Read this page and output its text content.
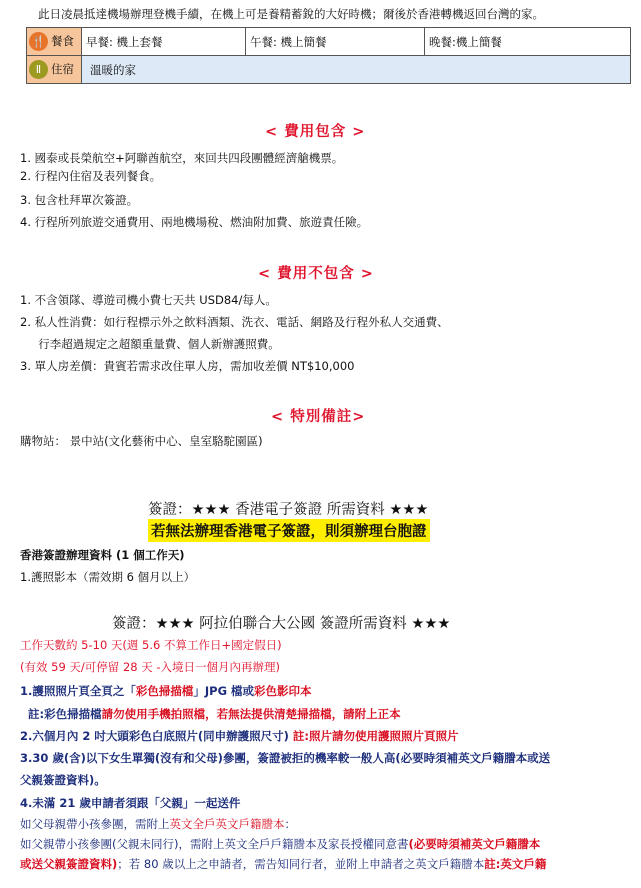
此日凌晨抵達機場辦理登機手續，在機上可是養精蓄銳的大好時機；爾後於香港轉機返回台灣的家。
🍴 餐食	早餐: 機上套餐	午餐: 機上簡餐	晚餐:機上簡餐

Ⅱ 住宿	溫暖的家		
< 費用包含 >
1. 國泰或長榮航空+阿聯酋航空，來回共四段團體經濟艙機票。
2. 行程內住宿及表列餐食。
3. 包含杜拜單次簽證。
4. 行程所列旅遊交通費用、兩地機場稅、燃油附加費、旅遊責任險。
< 費用不包含 >
1. 不含領隊、導遊司機小費七天共 USD84/每人。
2. 私人性消費：如行程標示外之飲料酒類、洗衣、電話、網路及行程外私人交通費、
行李超過規定之超額重量費、個人新辦護照費。
3. 單人房差價：貴賓若需求改住單人房，需加收差價 NT$10,000
< 特別備註>
購物站： 景中站(文化藝術中心、皇室駱駝園區)
簽證：★★★ 香港電子簽證 所需資料 ★★★
若無法辦理香港電子簽證，則須辦理台胞證
香港簽證辦理資料 (1 個工作天)
1.護照影本（需效期 6 個月以上）
簽證：★★★ 阿拉伯聯合大公國 簽證所需資料 ★★★
工作天數約 5-10 天(週 5.6 不算工作日+國定假日)
(有效 59 天/可停留 28 天 -入境日一個月內再辦理)
1.護照照片頁全頁之「彩色掃描檔」JPG 檔或彩色影印本
註:彩色掃描檔請勿使用手機拍照檔，若無法提供清楚掃描檔，請附上正本
2.六個月內 2 吋大頭彩色白底照片(同申辦護照尺寸) 註:照片請勿使用護照照片頁照片
3.30 歲(含)以下女生單獨(沒有和父母)參團，簽證被拒的機率較一般人高(必要時須補英文戶籍謄本或送
父親簽證資料)。
4.未滿 21 歲申請者須跟「父親」一起送件
如父母親帶小孩參團，需附上英文全戶英文戶籍謄本：
如父親帶小孩參團(父親未同行)，需附上英文全戶戶籍謄本及家長授權同意書(必要時須補英文戶籍謄本
或送父親簽證資料)；若 80 歲以上之申請者，需告知同行者，並附上申請者之英文戶籍謄本註:英文戶籍
